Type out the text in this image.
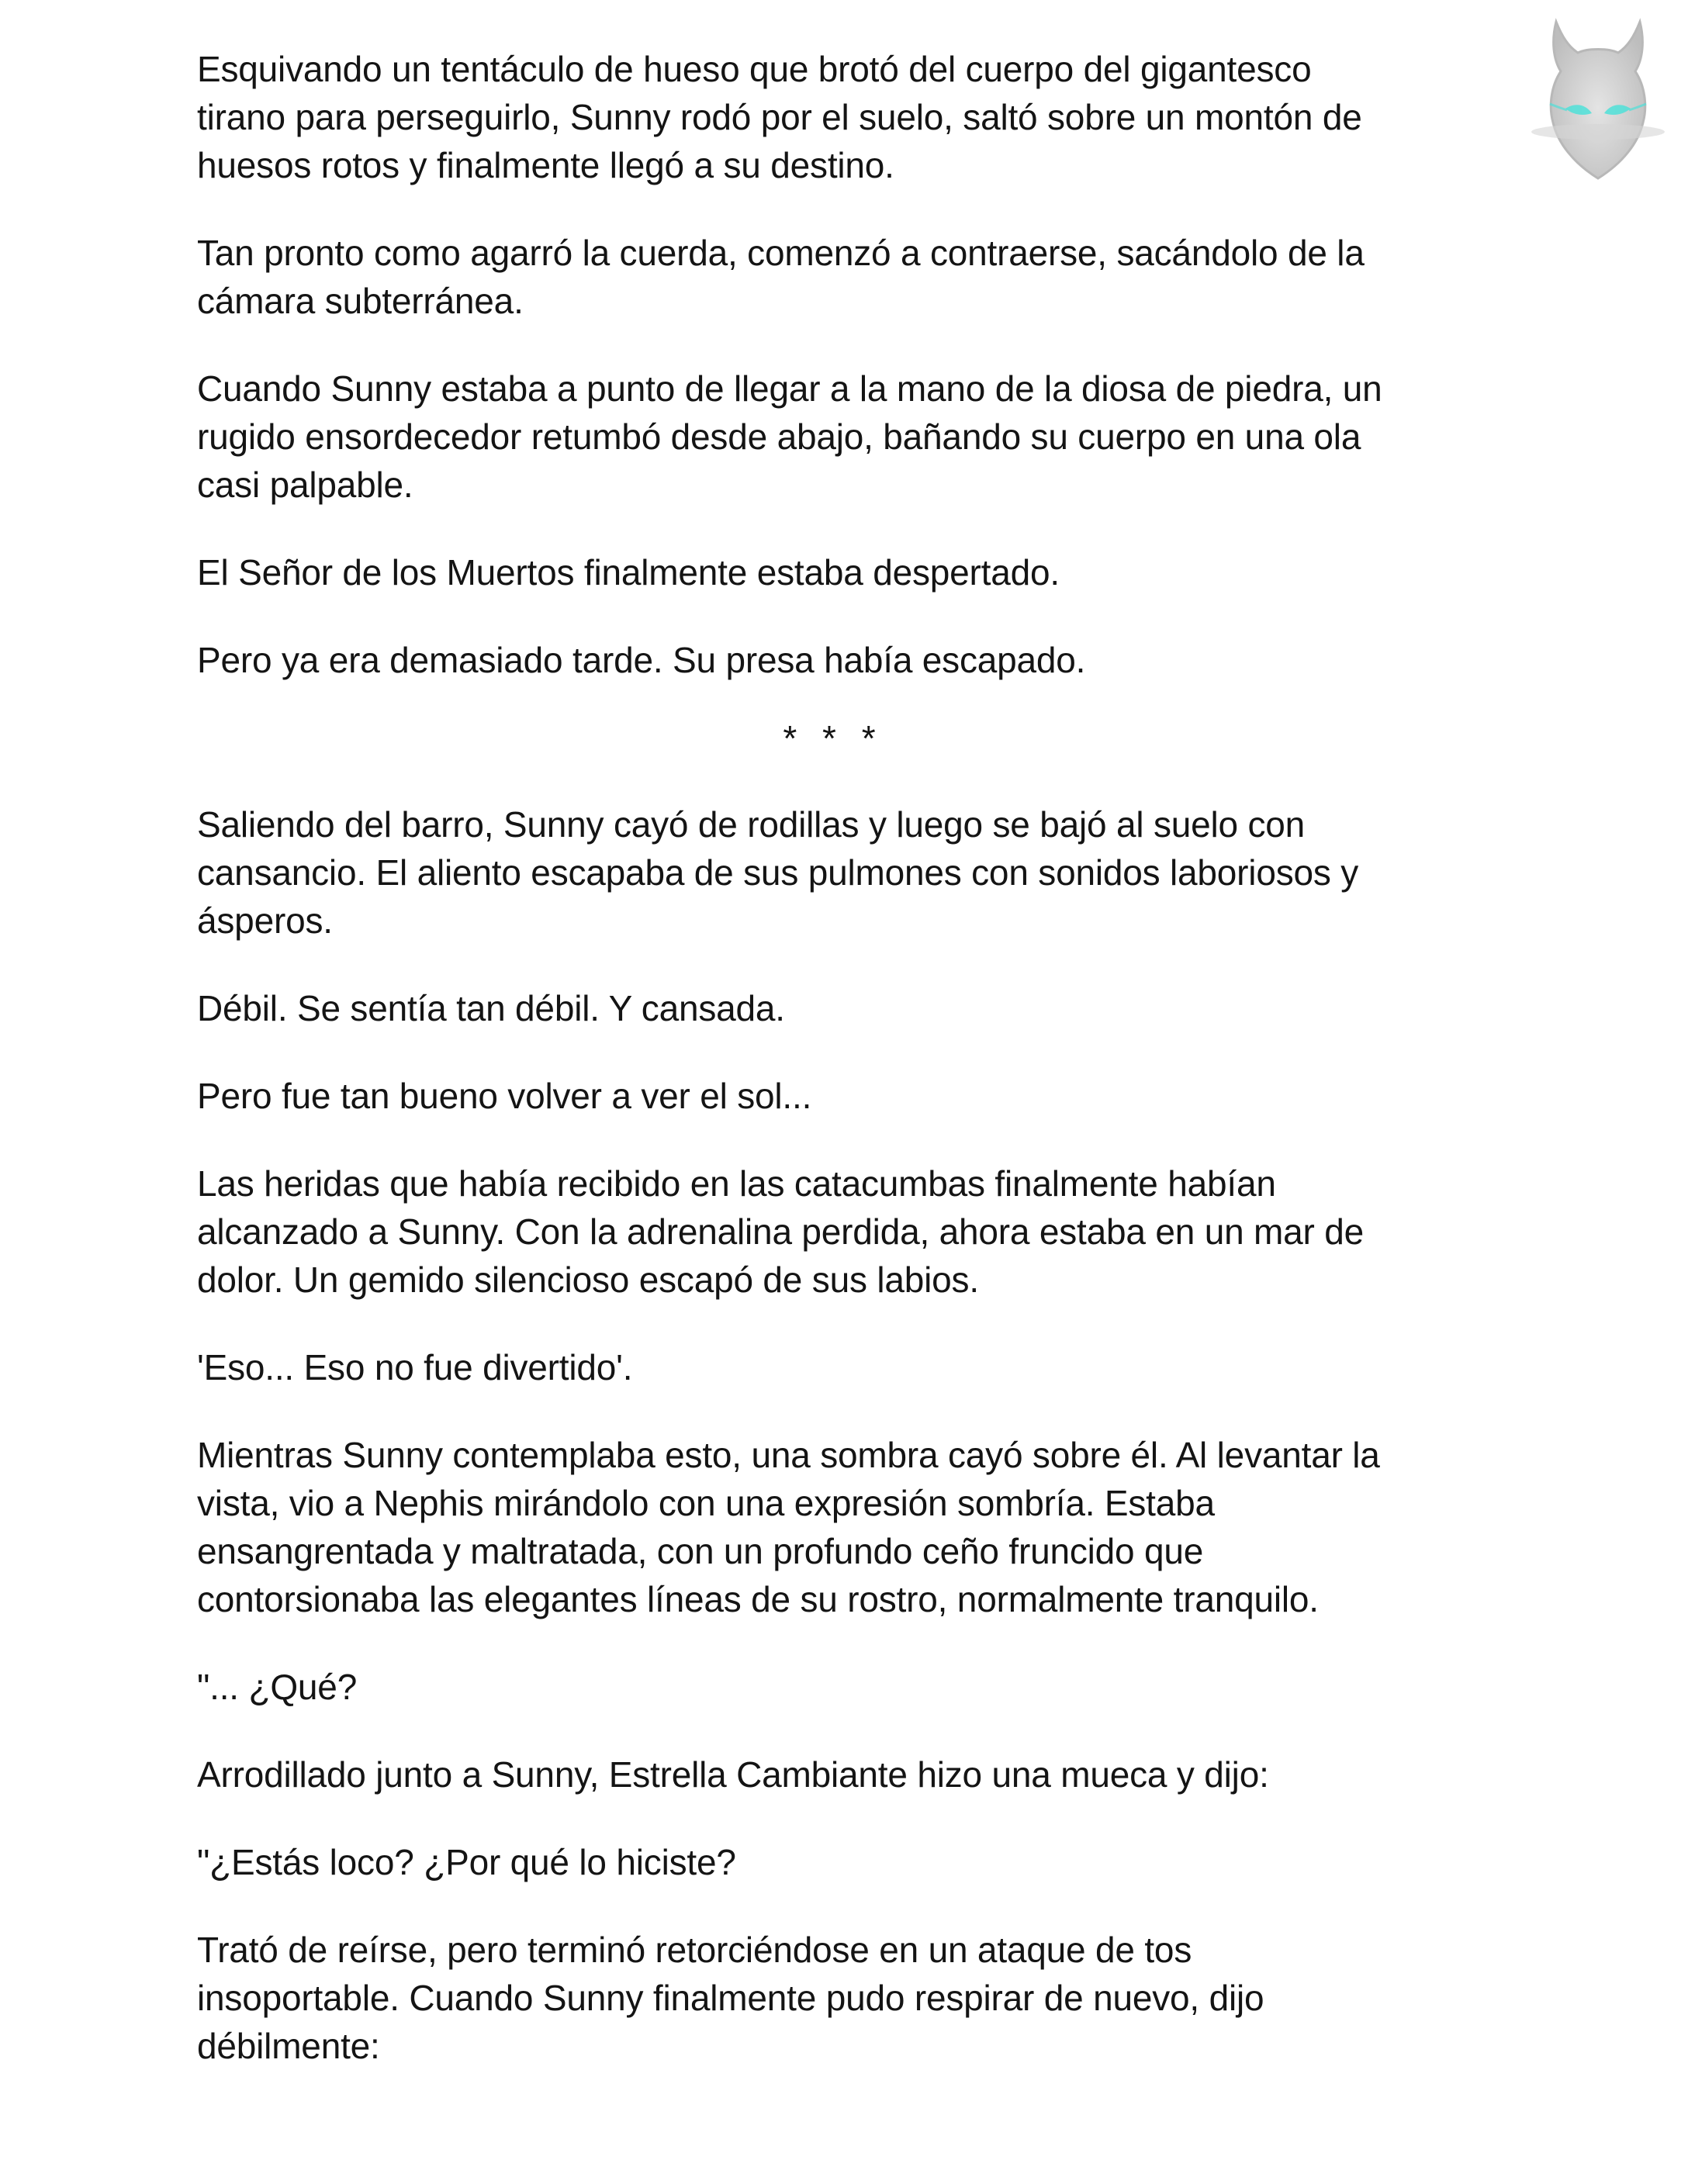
Esquivando un tentáculo de hueso que brotó del cuerpo del gigantesco
tirano para perseguirlo, Sunny rodó por el suelo, saltó sobre un montón de
huesos rotos y finalmente llegó a su destino.
Tan pronto como agarró la cuerda, comenzó a contraerse, sacándolo de la
cámara subterránea.
Cuando Sunny estaba a punto de llegar a la mano de la diosa de piedra, un
rugido ensordecedor retumbó desde abajo, bañando su cuerpo en una ola
casi palpable.
El Señor de los Muertos finalmente estaba despertado.
Pero ya era demasiado tarde. Su presa había escapado.
* * *
Saliendo del barro, Sunny cayó de rodillas y luego se bajó al suelo con
cansancio. El aliento escapaba de sus pulmones con sonidos laboriosos y
ásperos.
Débil. Se sentía tan débil. Y cansada.
Pero fue tan bueno volver a ver el sol...
Las heridas que había recibido en las catacumbas finalmente habían
alcanzado a Sunny. Con la adrenalina perdida, ahora estaba en un mar de
dolor. Un gemido silencioso escapó de sus labios.
'Eso... Eso no fue divertido'.
Mientras Sunny contemplaba esto, una sombra cayó sobre él. Al levantar la
vista, vio a Nephis mirándolo con una expresión sombría. Estaba
ensangrentada y maltratada, con un profundo ceño fruncido que
contorsionaba las elegantes líneas de su rostro, normalmente tranquilo.
"... ¿Qué?
Arrodillado junto a Sunny, Estrella Cambiante hizo una mueca y dijo:
"¿Estás loco? ¿Por qué lo hiciste?
Trató de reírse, pero terminó retorciéndose en un ataque de tos
insoportable. Cuando Sunny finalmente pudo respirar de nuevo, dijo
débilmente:
